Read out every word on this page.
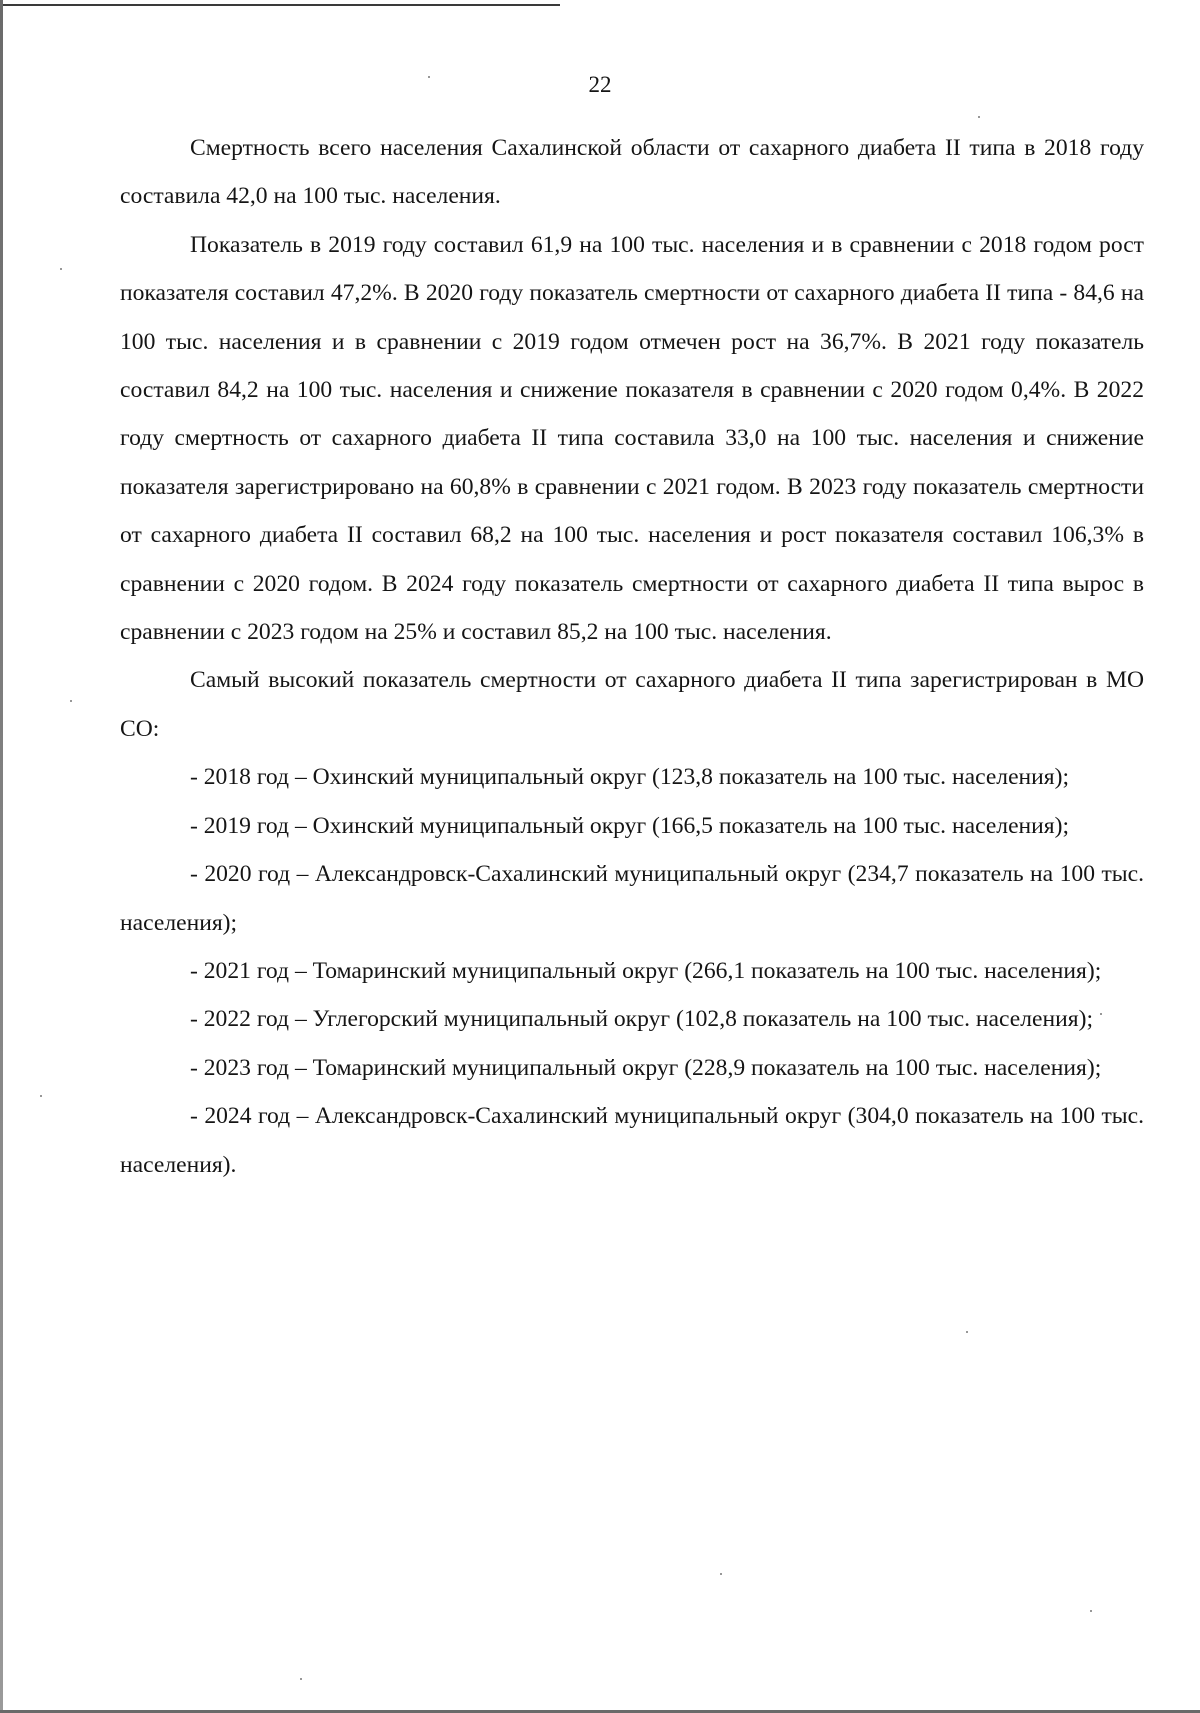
22

Смертность всего населения Сахалинской области от сахарного диабета II типа в 2018 году составила 42,0 на 100 тыс. населения.

Показатель в 2019 году составил 61,9 на 100 тыс. населения и в сравнении с 2018 годом рост показателя составил 47,2%. В 2020 году показатель смертности от сахарного диабета II типа - 84,6 на 100 тыс. населения и в сравнении с 2019 годом отмечен рост на 36,7%. В 2021 году показатель составил 84,2 на 100 тыс. населения и снижение показателя в сравнении с 2020 годом 0,4%. В 2022 году смертность от сахарного диабета II типа составила 33,0 на 100 тыс. населения и снижение показателя зарегистрировано на 60,8% в сравнении с 2021 годом. В 2023 году показатель смертности от сахарного диабета II составил 68,2 на 100 тыс. населения и рост показателя составил 106,3% в сравнении с 2020 годом. В 2024 году показатель смертности от сахарного диабета II типа вырос в сравнении с 2023 годом на 25% и составил 85,2 на 100 тыс. населения.

Самый высокий показатель смертности от сахарного диабета II типа зарегистрирован в МО СО:

- 2018 год – Охинский муниципальный округ (123,8 показатель на 100 тыс. населения);
- 2019 год – Охинский муниципальный округ (166,5 показатель на 100 тыс. населения);
- 2020 год – Александровск-Сахалинский муниципальный округ (234,7 показатель на 100 тыс. населения);
- 2021 год – Томаринский муниципальный округ (266,1 показатель на 100 тыс. населения);
- 2022 год – Углегорский муниципальный округ (102,8 показатель на 100 тыс. населения);
- 2023 год – Томаринский муниципальный округ (228,9 показатель на 100 тыс. населения);
- 2024 год – Александровск-Сахалинский муниципальный округ (304,0 показатель на 100 тыс. населения).
